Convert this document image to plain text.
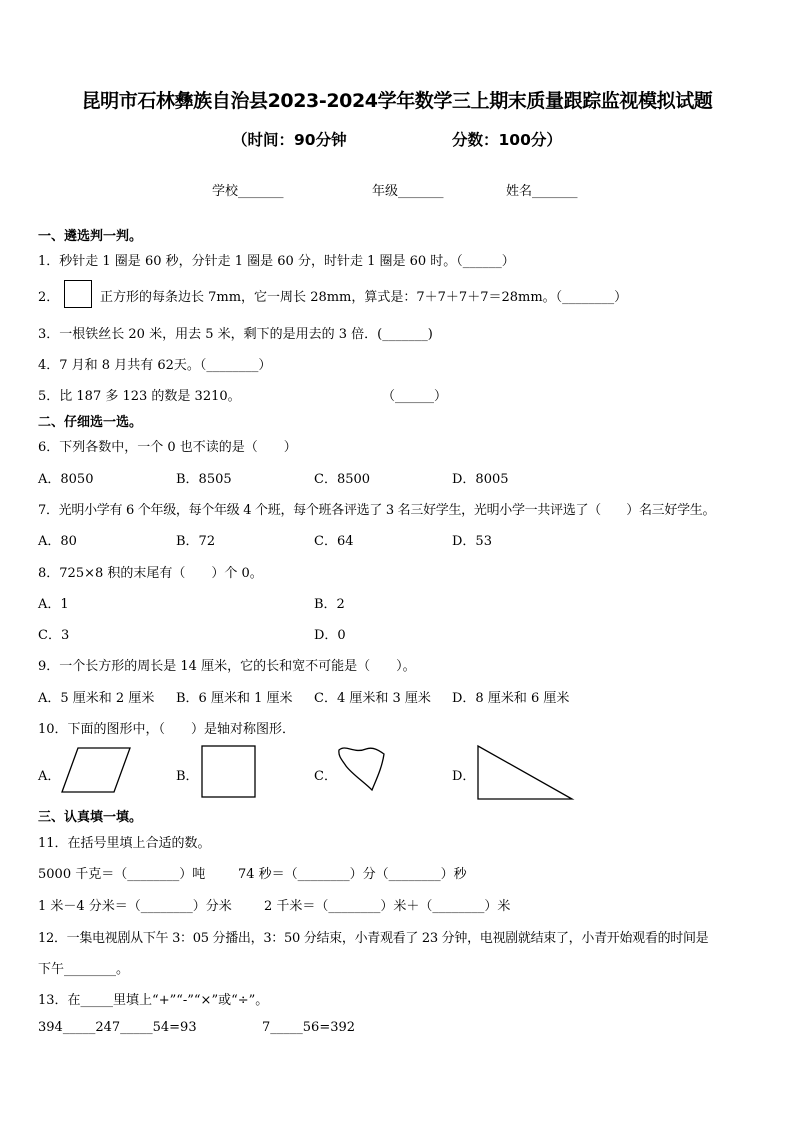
昆明市石林彝族自治县2023-2024学年数学三上期末质量跟踪监视模拟试题
（时间：90分钟	分数：100分）
学校_______	年级_______	姓名_______
一、遴选判一判。
1．秒针走 1 圈是 60 秒，分针走 1 圈是 60 分，时针走 1 圈是 60 时。（______）
2．	正方形的每条边长 7mm，它一周长 28mm，算式是：7＋7＋7＋7＝28mm。（________）
3．一根铁丝长 20 米，用去 5 米，剩下的是用去的 3 倍．(_______)
4．7 月和 8 月共有 62天。（________）
5．比 187 多 123 的数是 3210。	（______）
二、仔细选一选。
6．下列各数中，一个 0 也不读的是（　　）
A．8050	B．8505	C．8500	D．8005
7．光明小学有 6 个年级，每个年级 4 个班，每个班各评选了 3 名三好学生，光明小学一共评选了（　　）名三好学生。
A．80	B．72	C．64	D．53
8．725×8 积的末尾有（　　）个 0。
A．1	B．2
C．3	D．0
9．一个长方形的周长是 14 厘米，它的长和宽不可能是（　　）。
A．5 厘米和 2 厘米 B．6 厘米和 1 厘米 C．4 厘米和 3 厘米 D．8 厘米和 6 厘米
10．下面的图形中，（　　）是轴对称图形．
A．	B．	C．	D．
三、认真填一填。
11．在括号里填上合适的数。
5000 千克＝（________）吨	74 秒＝（________）分（________）秒
1 米－4 分米＝（________）分米 2 千米＝（________）米＋（________）米
12．一集电视剧从下午 3：05 分播出，3：50 分结束，小青观看了 23 分钟，电视剧就结束了，小青开始观看的时间是
下午________。
13．在_____里填上“+”“-”“×”或“÷”。
394_____247_____54=93	7_____56=392
